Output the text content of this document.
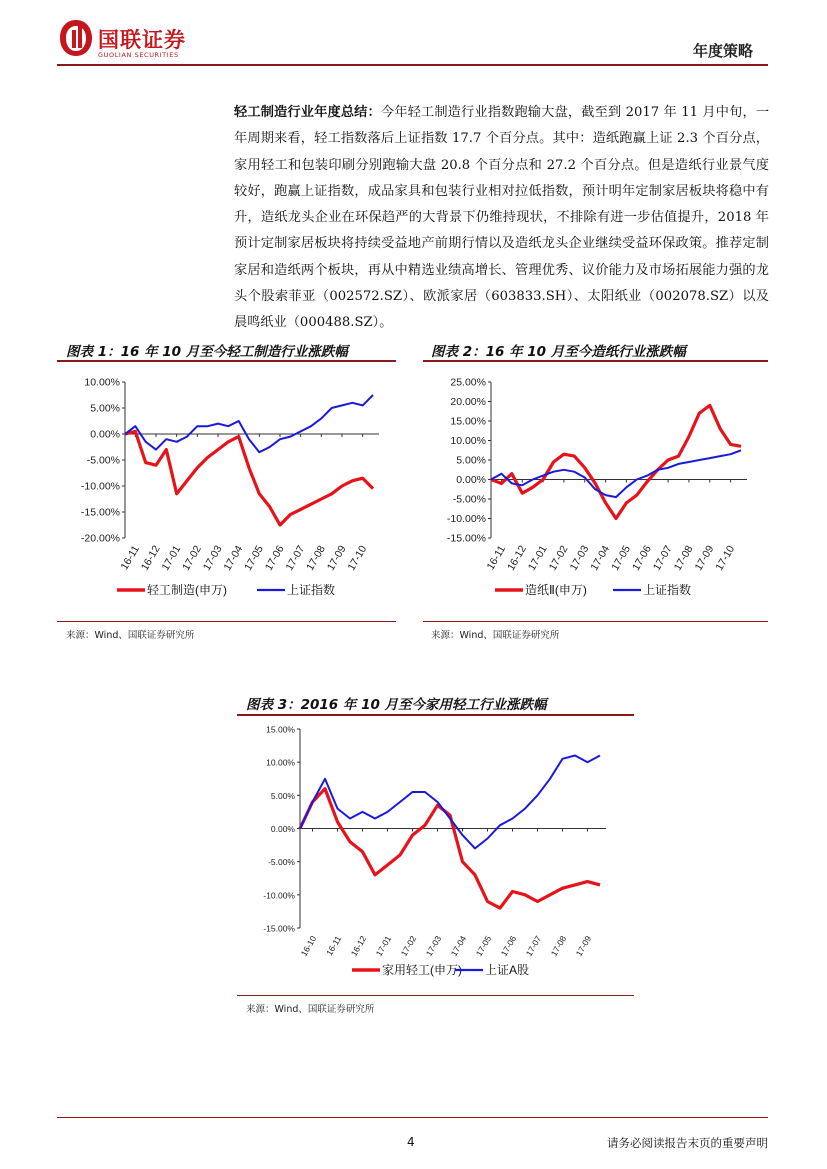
国联证券
GUOLIAN SECURITIES	年度策略
轻工制造行业年度总结：今年轻工制造行业指数跑输大盘，截至到 2017 年 11 月中旬，一年周期来看，轻工指数落后上证指数 17.7 个百分点。其中：造纸跑赢上证 2.3 个百分点，家用轻工和包装印刷分别跑输大盘 20.8 个百分点和 27.2 个百分点。但是造纸行业景气度较好，跑赢上证指数，成品家具和包装行业相对拉低指数，预计明年定制家居板块将稳中有升，造纸龙头企业在环保趋严的大背景下仍维持现状，不排除有进一步估值提升，2018 年预计定制家居板块将持续受益地产前期行情以及造纸龙头企业继续受益环保政策。推荐定制家居和造纸两个板块，再从中精选业绩高增长、管理优秀、议价能力及市场拓展能力强的龙头个股索菲亚（002572.SZ）、欧派家居（603833.SH）、太阳纸业（002078.SZ）以及晨鸣纸业（000488.SZ）。
图表 1：16 年 10 月至今轻工制造行业涨跌幅
10.00%
5.00%
0.00%
-5.00%
-10.00%
-15.00%
-20.00%
16-11
16-12
17-01
17-02
17-03
17-04
17-05
17-06
17-07
17-08
17-09
17-10
轻工制造(申万)	上证指数
来源：Wind、国联证券研究所
图表 2：16 年 10 月至今造纸行业涨跌幅
25.00%
20.00%
15.00%
10.00%
5.00%
0.00%
-5.00%
-10.00%
-15.00%
16-11
16-12
17-01
17-02
17-03
17-04
17-05
17-06
17-07
17-08
17-09
17-10
造纸Ⅱ(申万)	上证指数
来源：Wind、国联证券研究所
图表 3：2016 年 10 月至今家用轻工行业涨跌幅
15.00%
10.00%
5.00%
0.00%
-5.00%
-10.00%
-15.00%
16-10 16-11 16-12 17-01 17-02 17-03 17-04 17-05 17-06 17-07 17-08 17-09
家用轻工(申万) 上证A股
来源：Wind、国联证券研究所
4	请务必阅读报告末页的重要声明
